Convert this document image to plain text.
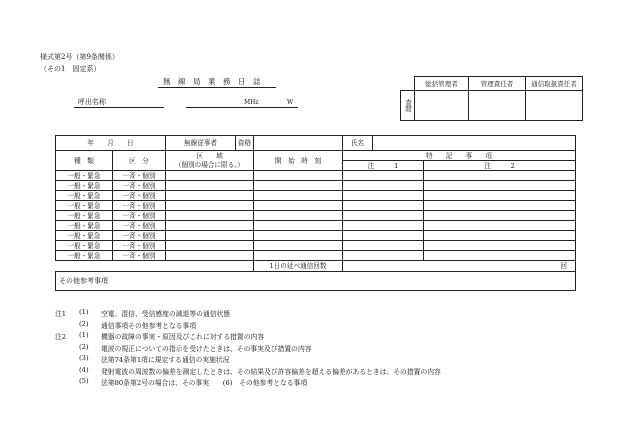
様式第2号（第9条関係）
（その1　固定系）
無　線　局　業　務　日　誌
呼出名称	MHz	W
	総括管理者	管理責任者	通信取扱責任者
査閲			
年　　月　　日		無線従事者	資格		氏名		
種　類	区　分	区　　域		開　始　時　刻	特　　記　　事　　項		
		（個別の場合に限る。）			注　　　1		注　　　2
一般・緊急	一斉・個別						
一般・緊急	一斉・個別						
一般・緊急	一斉・個別						
一般・緊急	一斉・個別						
一般・緊急	一斉・個別						
一般・緊急	一斉・個別						
一般・緊急	一斉・個別						
一般・緊急	一斉・個別						
一般・緊急	一斉・個別						
				1日の延べ通信回数	回		
その他参考事項							
注1 (1) 空電、混信、受信感度の減退等の通信状態
(2) 通信事項その他参考となる事項
注2 (1) 機器の故障の事実・原因及びこれに対する措置の内容
(2) 電波の規正についての指示を受けたときは、その事実及び措置の内容
(3) 法第74条第1項に規定する通信の実施状況
(4) 発射電波の周波数の偏差を測定したときは、その結果及び許容偏差を超える偏差があるときは、その措置の内容
(5) 法第80条第2号の場合は、その事実　　(6)　その他参考となる事項
